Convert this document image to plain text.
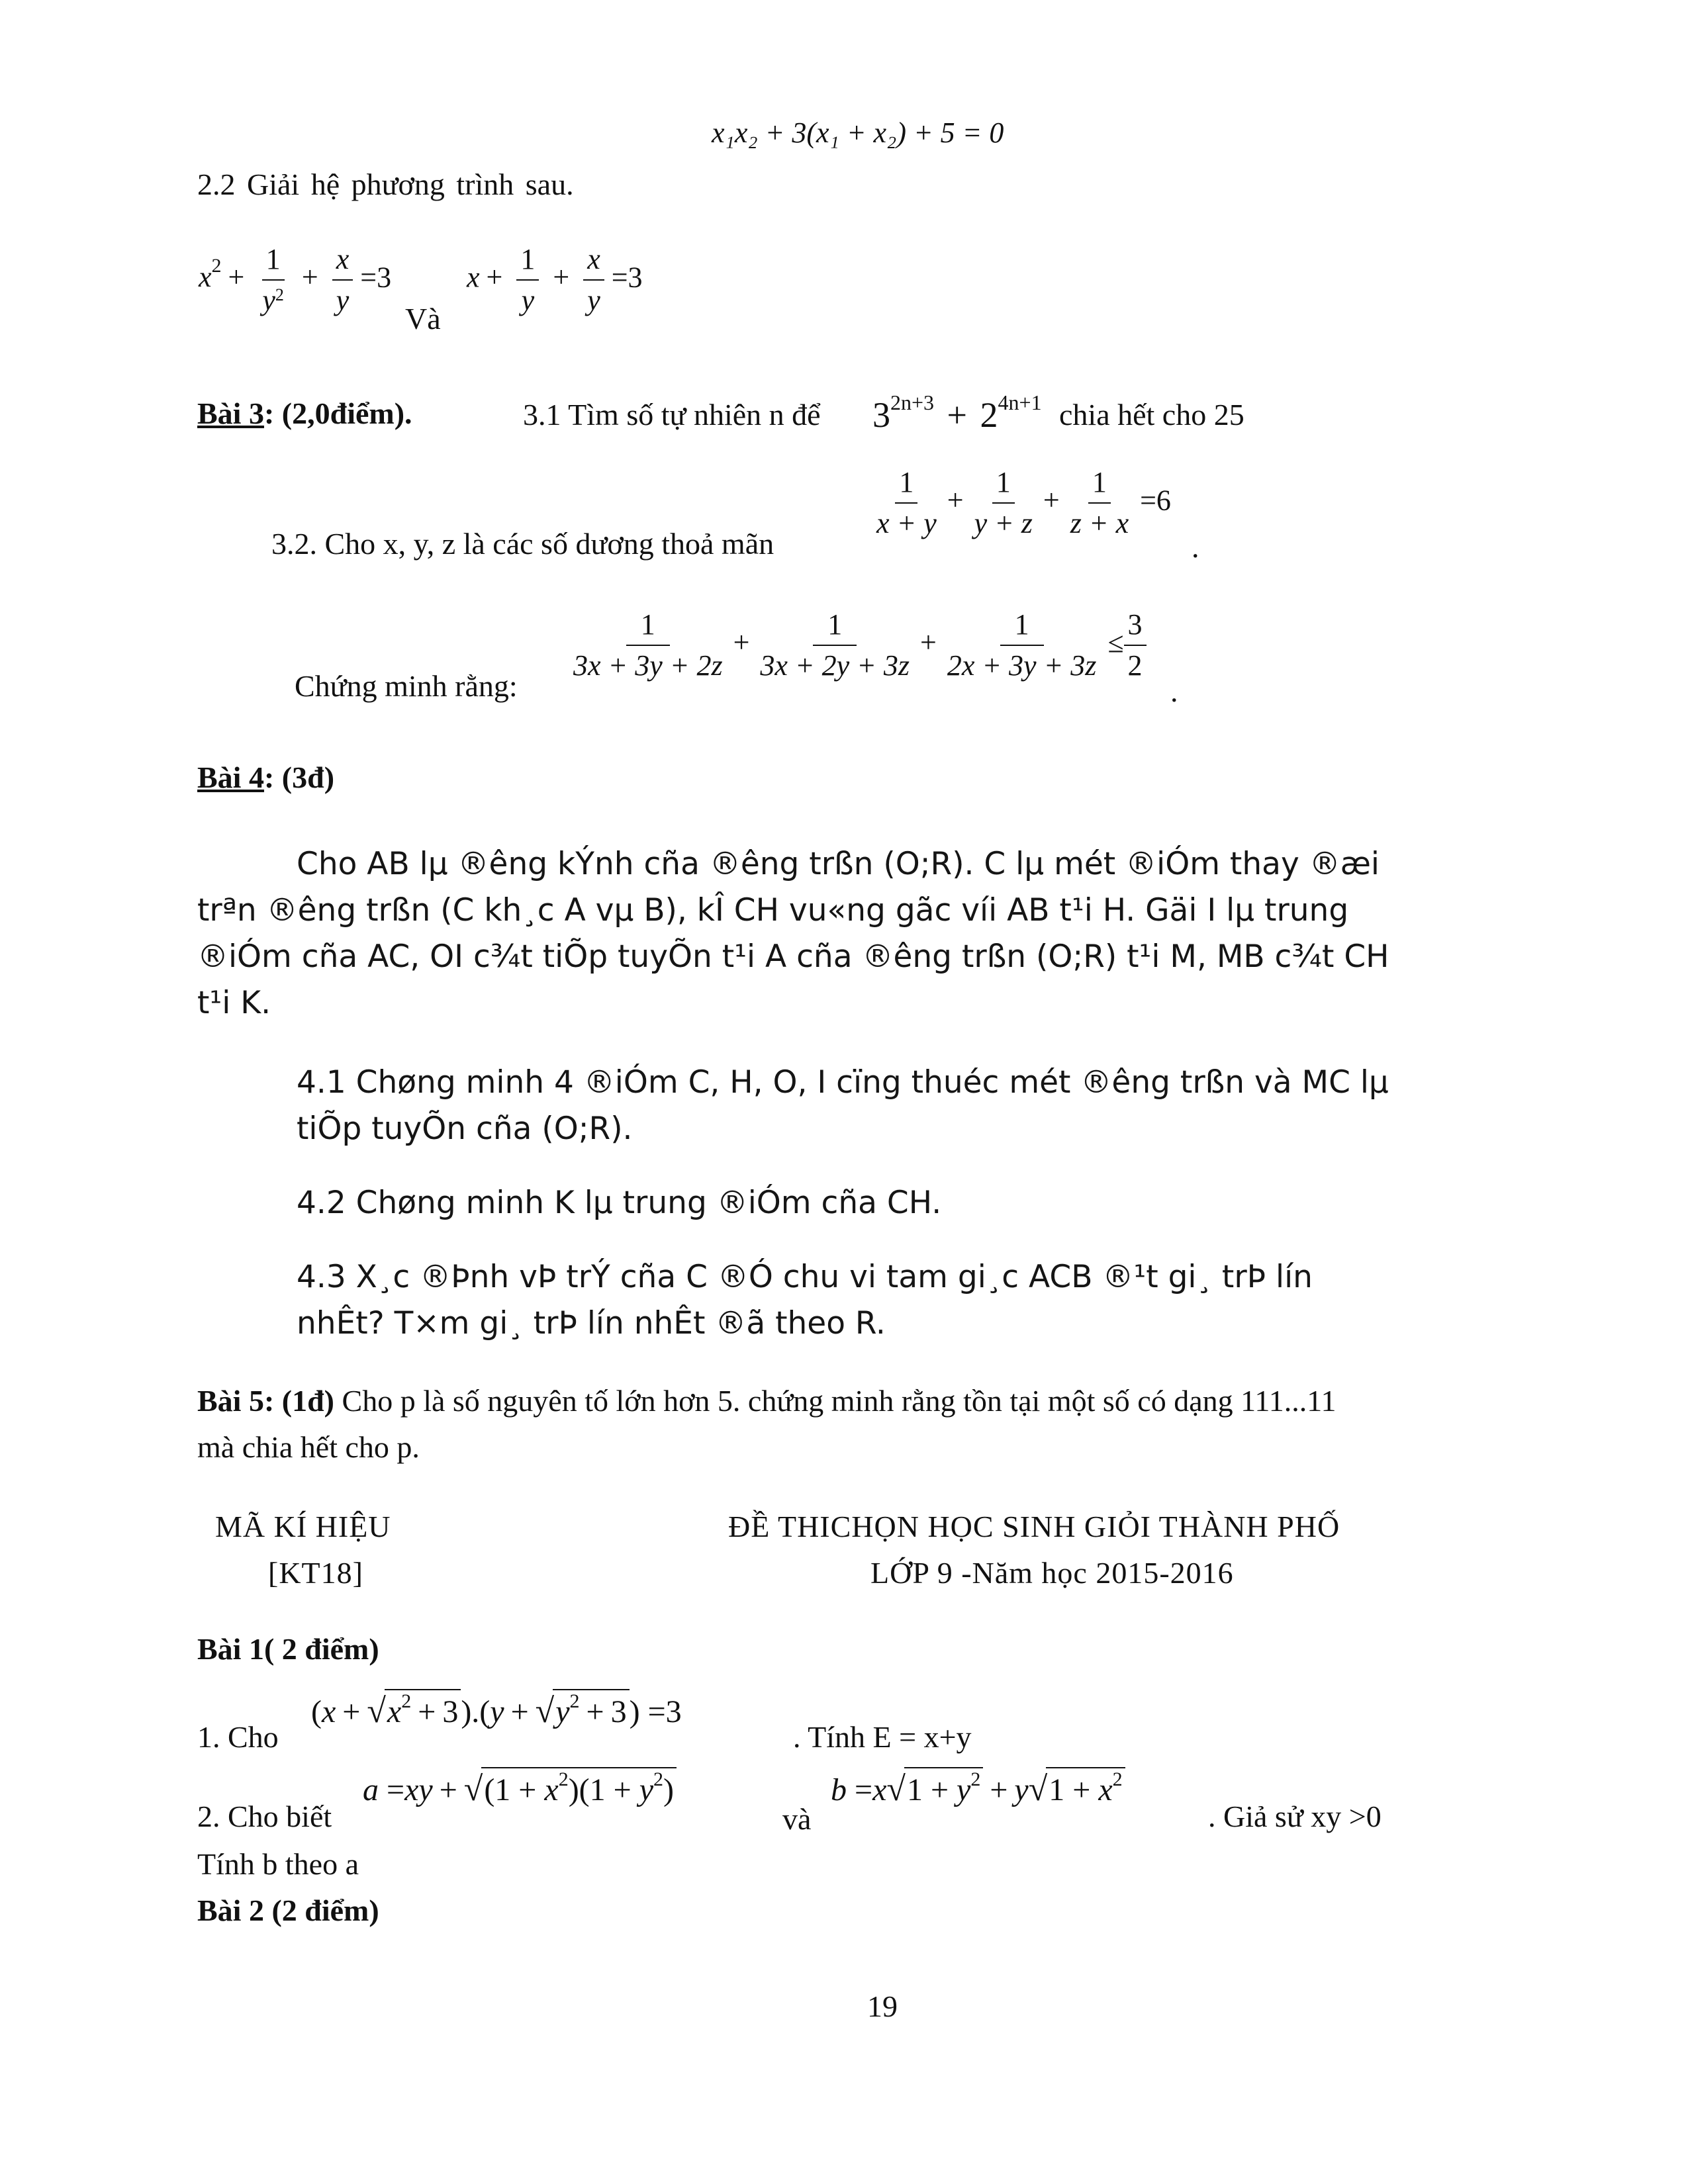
x₁x₂ + 3(x₁ + x₂) + 5 = 0
2.2 Giải hệ phương trình sau.
$x^2 + \frac{1}{y^2} + \frac{x}{y} =3$
Và
$x + \frac{1}{y} + \frac{x}{y} =3$
Bài 3: (2,0điểm).	3.1 Tìm số tự nhiên n để $3^{2n+3} + 2^{4n+1}$ chia hết cho 25
3.2. Cho x, y, z là các số dương thoả mãn
$\frac{1}{x + y} + \frac{1}{y + z} + \frac{1}{z + x} =6$
.
Chứng minh rằng:
$\frac{1}{3x + 3y + 2z} + \frac{1}{3x + 2y + 3z} + \frac{1}{2x + 3y + 3z} \le \frac{3}{2}$
.
Bài 4: (3đ)
Cho AB lµ ®êng kÝnh cña ®êng trßn (O;R). C lµ mét ®iÓm thay ®æi
trªn ®êng trßn (C kh¸c A vµ B), kÎ CH vu«ng gãc víi AB t¹i H. Gäi I lµ trung
®iÓm cña AC, OI c¾t tiÕp tuyÕn t¹i A cña ®êng trßn (O;R) t¹i M, MB c¾t CH
t¹i K.
4.1 Chøng minh 4 ®iÓm C, H, O, I cïng thuéc mét ®êng trßn và MC lµ
tiÕp tuyÕn cña (O;R).
4.2 Chøng minh K lµ trung ®iÓm cña CH.
4.3 X¸c ®Þnh vÞ trÝ cña C ®Ó chu vi tam gi¸c ACB ®¹t gi¸ trÞ lín
nhÊt? T×m gi¸ trÞ lín nhÊt ®ã theo R.
Bài 5: (1đ) Cho p là số nguyên tố lớn hơn 5. chứng minh rằng tồn tại một số có dạng 111...11
mà chia hết cho p.
MÃ KÍ HIỆU
[KT18]
ĐỀ THICHỌN HỌC SINH GIỎI THÀNH PHỐ
LỚP 9 -Năm học 2015-2016
Bài 1( 2 điểm)
1. Cho
$(x + √x^2 + 3).(y + √y^2 + 3) =3$
. Tính E = x+y
2. Cho biết
$a =xy + √(1 + x^2)(1 + y^2)$
và
$b =x√1 + y^2 + y√1 + x^2$
. Giả sử xy >0
Tính b theo a
Bài 2 (2 điểm)
19
